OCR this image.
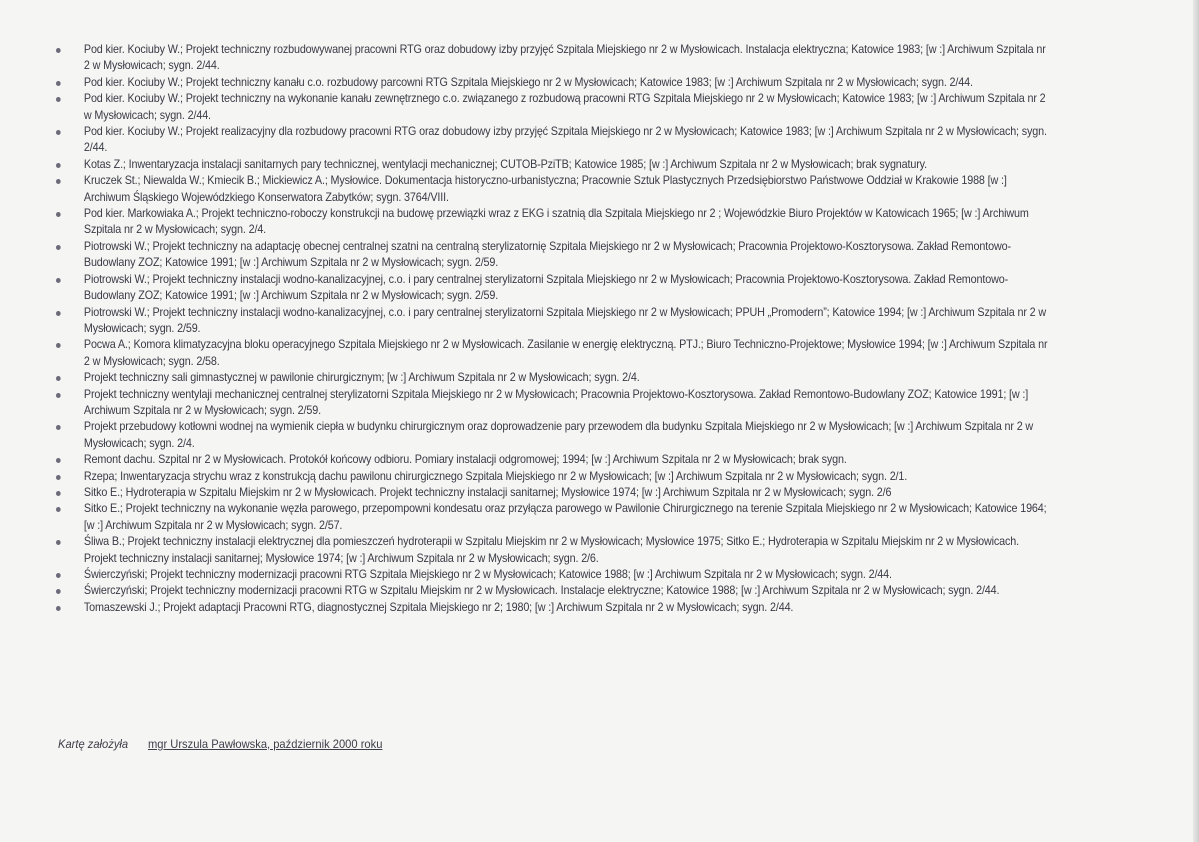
Pod kier. Kociuby W.; Projekt techniczny rozbudowywanej pracowni RTG oraz dobudowy izby przyjęć Szpitala Miejskiego nr 2 w Mysłowicach. Instalacja elektryczna; Katowice 1983; [w :] Archiwum Szpitala nr 2 w Mysłowicach; sygn. 2/44.
Pod kier. Kociuby W.; Projekt techniczny kanału c.o. rozbudowy parcowni RTG Szpitala Miejskiego nr 2 w Mysłowicach; Katowice 1983; [w :] Archiwum Szpitala nr 2 w Mysłowicach; sygn. 2/44.
Pod kier. Kociuby W.; Projekt techniczny na wykonanie kanału zewnętrznego c.o. związanego z rozbudową pracowni RTG Szpitala Miejskiego nr 2 w Mysłowicach; Katowice 1983; [w :] Archiwum Szpitala nr 2 w Mysłowicach; sygn. 2/44.
Pod kier. Kociuby W.; Projekt realizacyjny dla rozbudowy pracowni RTG oraz dobudowy izby przyjęć Szpitala Miejskiego nr 2 w Mysłowicach; Katowice 1983; [w :] Archiwum Szpitala nr 2 w Mysłowicach; sygn. 2/44.
Kotas Z.; Inwentaryzacja instalacji sanitarnych pary technicznej, wentylacji mechanicznej; CUTOB-PziTB; Katowice 1985; [w :] Archiwum Szpitala nr 2 w Mysłowicach; brak sygnatury.
Kruczek St.; Niewalda W.; Kmiecik B.; Mickiewicz A.; Mysłowice. Dokumentacja historyczno-urbanistyczna; Pracownie Sztuk Plastycznych Przedsiębiorstwo Państwowe Oddział w Krakowie 1988 [w :] Archiwum Śląskiego Wojewódzkiego Konserwatora Zabytków; sygn. 3764/VIII.
Pod kier. Markowiaka A.; Projekt techniczno-roboczy konstrukcji na budowę przewiązki wraz z EKG i szatnią dla Szpitala Miejskiego nr 2 ; Wojewódzkie Biuro Projektów w Katowicach 1965; [w :] Archiwum Szpitala nr 2 w Mysłowicach; sygn. 2/4.
Piotrowski W.; Projekt techniczny na adaptację obecnej centralnej szatni na centralną sterylizatornię Szpitala Miejskiego nr 2 w Mysłowicach; Pracownia Projektowo-Kosztorysowa. Zakład Remontowo-Budowlany ZOZ; Katowice 1991; [w :] Archiwum Szpitala nr 2 w Mysłowicach; sygn. 2/59.
Piotrowski W.; Projekt techniczny instalacji wodno-kanalizacyjnej, c.o. i pary centralnej sterylizatorni Szpitala Miejskiego nr 2 w Mysłowicach; Pracownia Projektowo-Kosztorysowa. Zakład Remontowo-Budowlany ZOZ; Katowice 1991; [w :] Archiwum Szpitala nr 2 w Mysłowicach; sygn. 2/59.
Piotrowski W.; Projekt techniczny instalacji wodno-kanalizacyjnej, c.o. i pary centralnej sterylizatorni Szpitala Miejskiego nr 2 w Mysłowicach; PPUH „Promodern”; Katowice 1994; [w :] Archiwum Szpitala nr 2 w Mysłowicach; sygn. 2/59.
Pocwa A.; Komora klimatyzacyjna bloku operacyjnego Szpitala Miejskiego nr 2 w Mysłowicach. Zasilanie w energię elektryczną. PTJ.; Biuro Techniczno-Projektowe; Mysłowice 1994; [w :] Archiwum Szpitala nr 2 w Mysłowicach; sygn. 2/58.
Projekt techniczny sali gimnastycznej w pawilonie chirurgicznym; [w :] Archiwum Szpitala nr 2 w Mysłowicach; sygn. 2/4.
Projekt techniczny wentylaji mechanicznej centralnej sterylizatorni Szpitala Miejskiego nr 2 w Mysłowicach; Pracownia Projektowo-Kosztorysowa. Zakład Remontowo-Budowlany ZOZ; Katowice 1991; [w :] Archiwum Szpitala nr 2 w Mysłowicach; sygn. 2/59.
Projekt przebudowy kotłowni wodnej na wymienik ciepła w budynku chirurgicznym oraz doprowadzenie pary przewodem dla budynku Szpitala Miejskiego nr 2 w Mysłowicach; [w :] Archiwum Szpitala nr 2 w Mysłowicach; sygn. 2/4.
Remont dachu. Szpital nr 2 w Mysłowicach. Protokół końcowy odbioru. Pomiary instalacji odgromowej; 1994; [w :] Archiwum Szpitala nr 2 w Mysłowicach; brak sygn.
Rzepa; Inwentaryzacja strychu wraz z konstrukcją dachu pawilonu chirurgicznego Szpitala Miejskiego nr 2 w Mysłowicach; [w :] Archiwum Szpitala nr 2 w Mysłowicach; sygn. 2/1.
Sitko E.; Hydroterapia w Szpitalu Miejskim nr 2 w Mysłowicach. Projekt techniczny instalacji sanitarnej; Mysłowice 1974; [w :] Archiwum Szpitala nr 2 w Mysłowicach; sygn. 2/6
Sitko E.; Projekt techniczny na wykonanie węzła parowego, przepompowni kondesatu oraz przyłącza parowego w Pawilonie Chirurgicznego na terenie Szpitala Miejskiego nr 2 w Mysłowicach; Katowice 1964; [w :] Archiwum Szpitala nr 2 w Mysłowicach; sygn. 2/57.
Śliwa B.; Projekt techniczny instalacji elektrycznej dla pomieszczeń hydroterapii w Szpitalu Miejskim nr 2 w Mysłowicach; Mysłowice 1975; Sitko E.; Hydroterapia w Szpitalu Miejskim nr 2 w Mysłowicach. Projekt techniczny instalacji sanitarnej; Mysłowice 1974; [w :] Archiwum Szpitala nr 2 w Mysłowicach; sygn. 2/6.
Świerczyński; Projekt techniczny modernizacji pracowni RTG Szpitala Miejskiego nr 2 w Mysłowicach; Katowice 1988; [w :] Archiwum Szpitala nr 2 w Mysłowicach; sygn. 2/44.
Świerczyński; Projekt techniczny modernizacji pracowni RTG w Szpitalu Miejskim nr 2 w Mysłowicach. Instalacje elektryczne; Katowice 1988; [w :] Archiwum Szpitala nr 2 w Mysłowicach; sygn. 2/44.
Tomaszewski J.; Projekt adaptacji Pracowni RTG, diagnostycznej Szpitala Miejskiego nr 2; 1980; [w :] Archiwum Szpitala nr 2 w Mysłowicach; sygn. 2/44.
Kartę założyła mgr Urszula Pawłowska, październik 2000 roku
